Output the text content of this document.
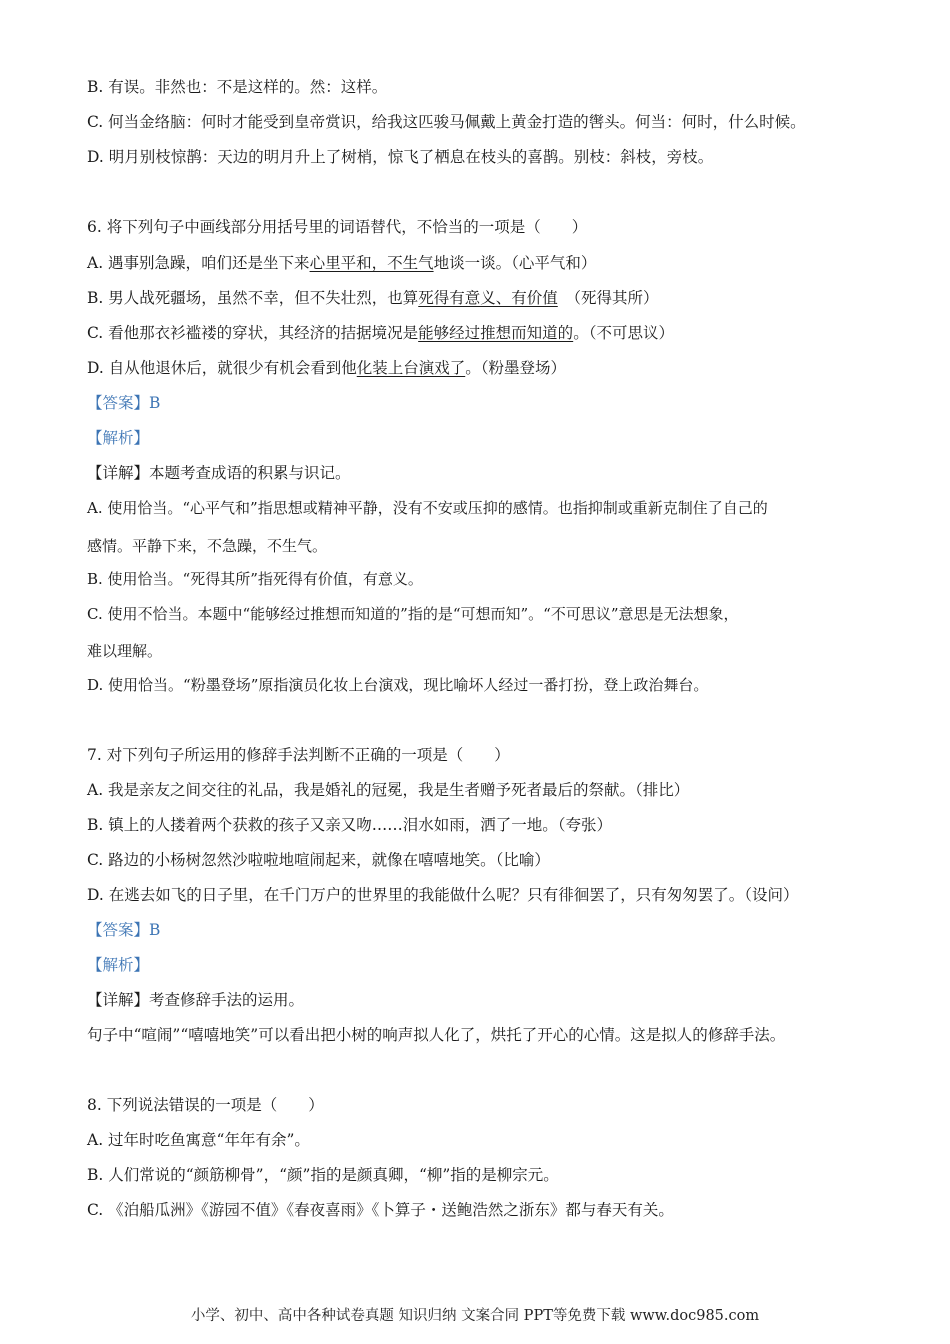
B. 有误。非然也：不是这样的。然：这样。
C. 何当金络脑：何时才能受到皇帝赏识，给我这匹骏马佩戴上黄金打造的辔头。何当：何时，什么时候。
D. 明月别枝惊鹊：天边的明月升上了树梢，惊飞了栖息在枝头的喜鹊。别枝：斜枝，旁枝。
6. 将下列句子中画线部分用括号里的词语替代，不恰当的一项是（　　）
A. 遇事别急躁，咱们还是坐下来心里平和，不生气地谈一谈。（心平气和）
B. 男人战死疆场，虽然不幸，但不失壮烈，也算死得有意义、有价值　（死得其所）
C. 看他那衣衫褴褛的穿状，其经济的拮据境况是能够经过推想而知道的。（不可思议）
D. 自从他退休后，就很少有机会看到他化装上台演戏了。（粉墨登场）
【答案】B
【解析】
【详解】本题考查成语的积累与识记。
A. 使用恰当。“心平气和”指思想或精神平静，没有不安或压抑的感情。也指抑制或重新克制住了自己的
感情。平静下来，不急躁，不生气。
B. 使用恰当。“死得其所”指死得有价值，有意义。
C. 使用不恰当。本题中“能够经过推想而知道的”指的是“可想而知”。“不可思议”意思是无法想象，
难以理解。
D. 使用恰当。“粉墨登场”原指演员化妆上台演戏，现比喻坏人经过一番打扮，登上政治舞台。
7. 对下列句子所运用的修辞手法判断不正确的一项是（　　）
A. 我是亲友之间交往的礼品，我是婚礼的冠冕，我是生者赠予死者最后的祭献。（排比）
B. 镇上的人搂着两个获救的孩子又亲又吻……泪水如雨，洒了一地。（夸张）
C. 路边的小杨树忽然沙啦啦地喧闹起来，就像在嘻嘻地笑。（比喻）
D. 在逃去如飞的日子里，在千门万户的世界里的我能做什么呢？只有徘徊罢了，只有匆匆罢了。（设问）
【答案】B
【解析】
【详解】考查修辞手法的运用。
句子中“喧闹”“嘻嘻地笑”可以看出把小树的响声拟人化了，烘托了开心的心情。这是拟人的修辞手法。
8. 下列说法错误的一项是（　　）
A. 过年时吃鱼寓意“年年有余”。
B. 人们常说的“颜筋柳骨”，“颜”指的是颜真卿，“柳”指的是柳宗元。
C. 《泊船瓜洲》《游园不值》《春夜喜雨》《卜算子・送鲍浩然之浙东》都与春天有关。
小学、初中、高中各种试卷真题 知识归纳 文案合同 PPT等免费下载 www.doc985.com
